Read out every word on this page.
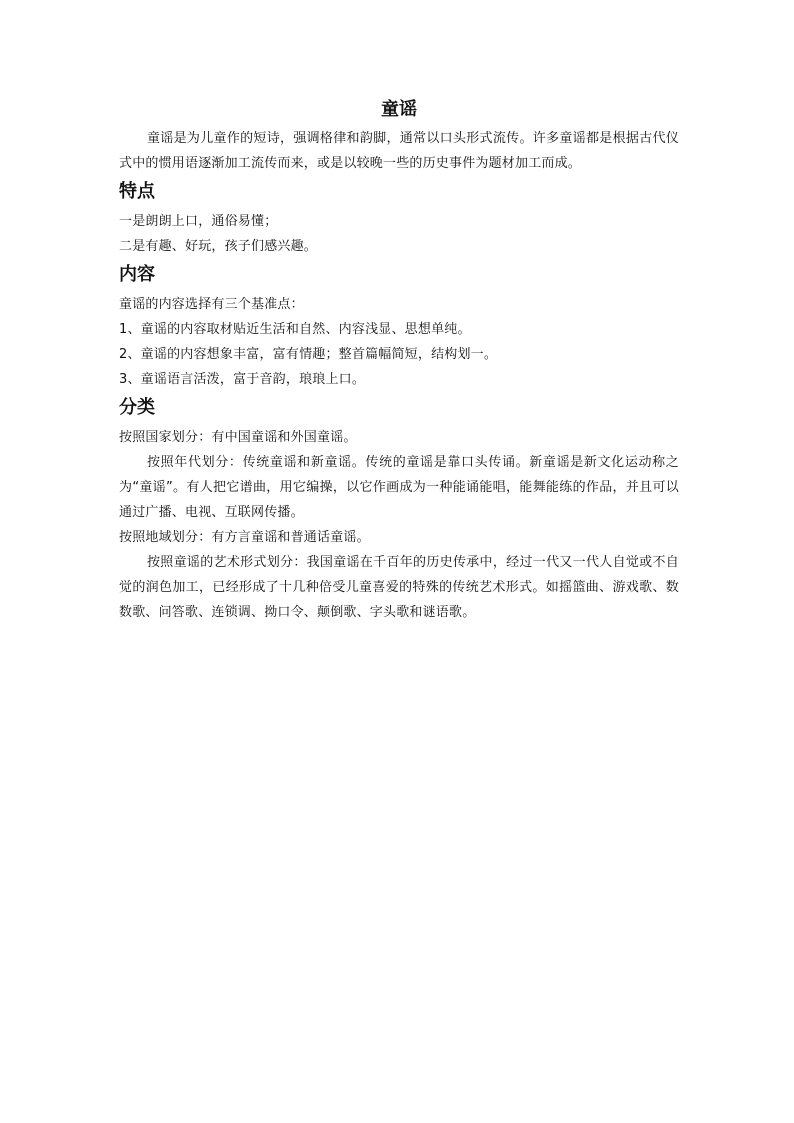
童谣

童谣是为儿童作的短诗，强调格律和韵脚，通常以口头形式流传。许多童谣都是根据古代仪式中的惯用语逐渐加工流传而来，或是以较晚一些的历史事件为题材加工而成。

特点

一是朗朗上口，通俗易懂；

二是有趣、好玩，孩子们感兴趣。

内容

童谣的内容选择有三个基准点：

1、童谣的内容取材贴近生活和自然、内容浅显、思想单纯。

2、童谣的内容想象丰富，富有情趣；整首篇幅简短，结构划一。

3、童谣语言活泼，富于音韵，琅琅上口。

分类

按照国家划分：有中国童谣和外国童谣。

按照年代划分：传统童谣和新童谣。传统的童谣是靠口头传诵。新童谣是新文化运动称之为“童谣”。有人把它谱曲，用它编操，以它作画成为一种能诵能唱，能舞能练的作品，并且可以通过广播、电视、互联网传播。

按照地域划分：有方言童谣和普通话童谣。

按照童谣的艺术形式划分：我国童谣在千百年的历史传承中，经过一代又一代人自觉或不自觉的润色加工，已经形成了十几种倍受儿童喜爱的特殊的传统艺术形式。如摇篮曲、游戏歌、数数歌、问答歌、连锁调、拗口令、颠倒歌、字头歌和谜语歌。
